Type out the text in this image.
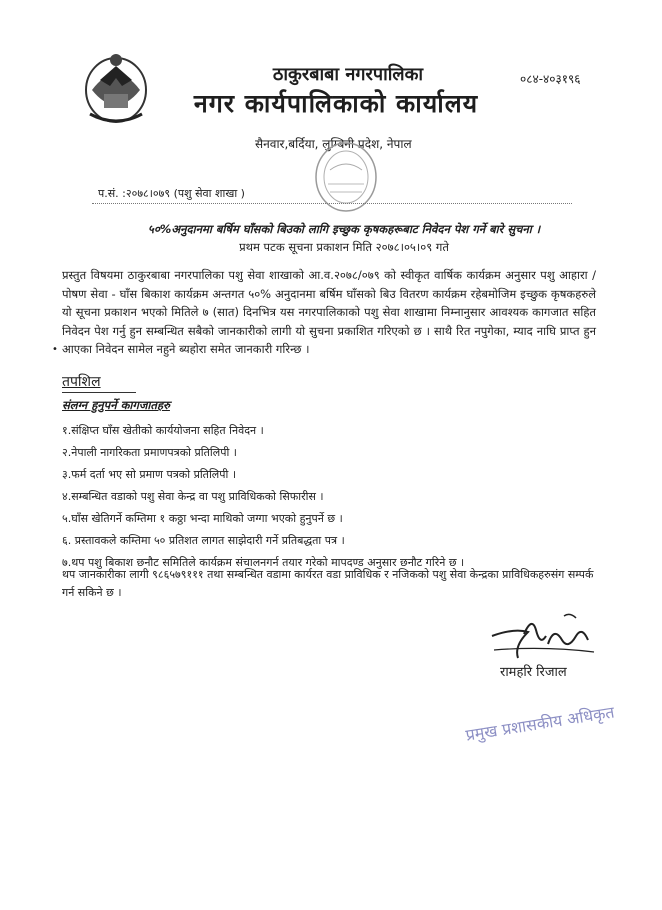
ठाकुरबाबा नगरपालिका	०८४-४०३१९६
नगर कार्यपालिकाको कार्यालय
सैनवार,बर्दिया, लुम्बिनी प्रदेश, नेपाल
प.सं. :२०७८।०७९ (पशु सेवा शाखा )
५०%अनुदानमा बर्षिम घाँसको बिउको लागि इच्छुक कृषकहरूबाट निवेदन पेश गर्ने बारे सुचना ।
प्रथम पटक सूचना प्रकाशन मिति २०७८।०५।०९ गते
प्रस्तुत विषयमा ठाकुरबाबा नगरपालिका पशु सेवा शाखाको आ.व.२०७८/०७९ को स्वीकृत वार्षिक कार्यक्रम अनुसार पशु आहारा / पोषण सेवा - घाँस बिकाश कार्यक्रम अन्तगत ५०% अनुदानमा बर्षिम घाँसको बिउ वितरण कार्यक्रम रहेबमोजिम इच्छुक कृषकहरुले यो सूचना प्रकाशन भएको मितिले ७ (सात) दिनभित्र यस नगरपालिकाको पशु सेवा शाखामा निम्नानुसार आवश्यक कागजात सहित निवेदन पेश गर्नु हुन सम्बन्धित सबैको जानकारीको लागी यो सुचना प्रकाशित गरिएको छ । साथै रित नपुगेका, म्याद नाघि प्राप्त हुन आएका निवेदन सामेल नहुने ब्यहोरा समेत जानकारी गरिन्छ ।
•
तपशिल
संलग्न हुनुपर्ने कागजातहरु
१.संक्षिप्त घाँस खेतीको कार्ययोजना सहित निवेदन ।
२.नेपाली नागरिकता प्रमाणपत्रको प्रतिलिपी ।
३.फर्म दर्ता भए सो प्रमाण पत्रको प्रतिलिपी ।
४.सम्बन्धित वडाको पशु सेवा केन्द्र वा पशु प्राविधिकको सिफारीस ।
५.घाँस खेतिगर्ने कम्तिमा १ कठ्ठा भन्दा माथिको जग्गा भएको हुनुपर्ने छ ।
६. प्रस्तावकले कम्तिमा ५० प्रतिशत लागत साझेदारी गर्ने प्रतिबद्धता पत्र ।
७.थप पशु बिकाश छनौट समितिले कार्यक्रम संचालनगर्न तयार गरेको मापदण्ड अनुसार छनौट गरिने छ ।
थप जानकारीका लागी ९८६५७९१११ तथा सम्बन्धित वडामा कार्यरत वडा प्राविधिक र नजिकको पशु सेवा केन्द्रका प्राविधिकहरुसंग सम्पर्क गर्न सकिने छ ।
रामहरि रिजाल
प्रमुख प्रशासकीय अधिकृत
